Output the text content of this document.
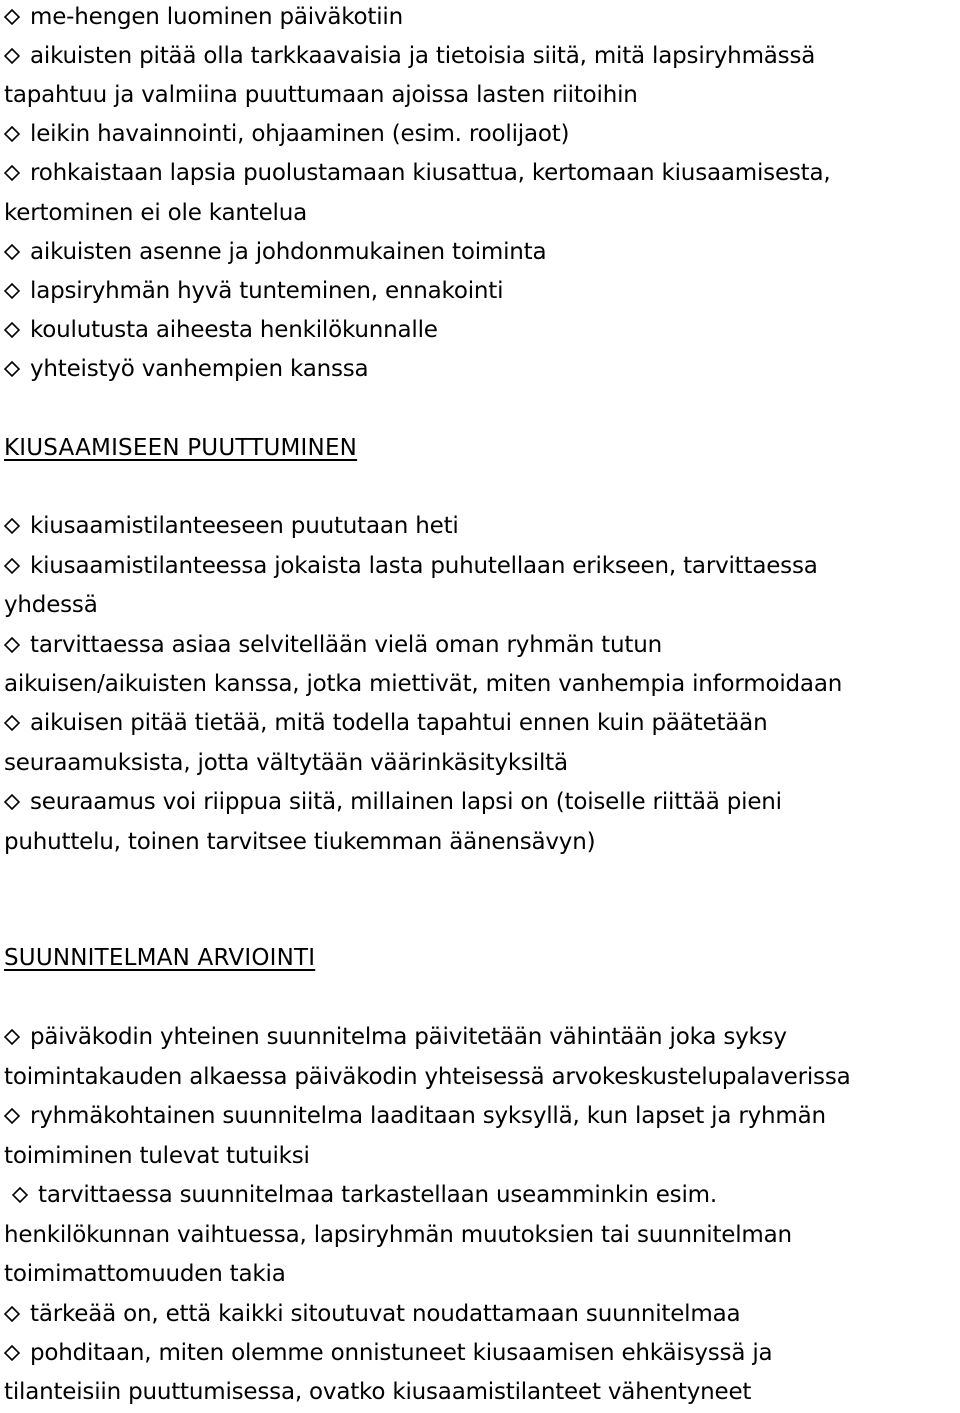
me-hengen luominen päiväkotiin
aikuisten pitää olla tarkkaavaisia ja tietoisia siitä, mitä lapsiryhmässä
tapahtuu ja valmiina puuttumaan ajoissa lasten riitoihin
leikin havainnointi, ohjaaminen (esim. roolijaot)
rohkaistaan lapsia puolustamaan kiusattua, kertomaan kiusaamisesta,
kertominen ei ole kantelua
aikuisten asenne ja johdonmukainen toiminta
lapsiryhmän hyvä tunteminen, ennakointi
koulutusta aiheesta henkilökunnalle
yhteistyö vanhempien kanssa
KIUSAAMISEEN PUUTTUMINEN
kiusaamistilanteeseen puututaan heti
kiusaamistilanteessa jokaista lasta puhutellaan erikseen, tarvittaessa
yhdessä
tarvittaessa asiaa selvitellään vielä oman ryhmän tutun
aikuisen/aikuisten kanssa, jotka miettivät, miten vanhempia informoidaan
aikuisen pitää tietää, mitä todella tapahtui ennen kuin päätetään
seuraamuksista, jotta vältytään väärinkäsityksiltä
seuraamus voi riippua siitä, millainen lapsi on (toiselle riittää pieni
puhuttelu, toinen tarvitsee tiukemman äänensävyn)
SUUNNITELMAN ARVIOINTI
päiväkodin yhteinen suunnitelma päivitetään vähintään joka syksy
toimintakauden alkaessa päiväkodin yhteisessä arvokeskustelupalaverissa
ryhmäkohtainen suunnitelma laaditaan syksyllä, kun lapset ja ryhmän
toimiminen tulevat tutuiksi
tarvittaessa suunnitelmaa tarkastellaan useamminkin esim.
henkilökunnan vaihtuessa, lapsiryhmän muutoksien tai suunnitelman
toimimattomuuden takia
tärkeää on, että kaikki sitoutuvat noudattamaan suunnitelmaa
pohditaan, miten olemme onnistuneet kiusaamisen ehkäisyssä ja
tilanteisiin puuttumisessa, ovatko kiusaamistilanteet vähentyneet
